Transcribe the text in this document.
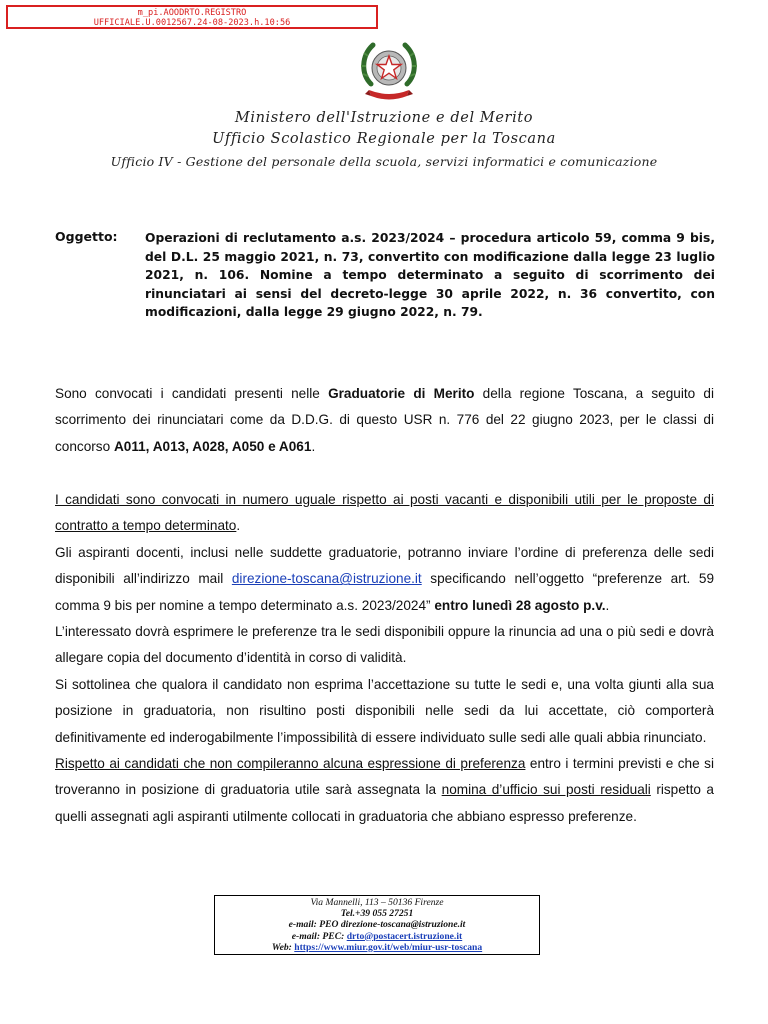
m_pi.AOODRTO.REGISTRO
UFFICIALE.U.0012567.24-08-2023.h.10:56
Ministero dell'Istruzione e del Merito
Ufficio Scolastico Regionale per la Toscana
Ufficio IV - Gestione del personale della scuola, servizi informatici e comunicazione
Oggetto: Operazioni di reclutamento a.s. 2023/2024 – procedura articolo 59, comma 9 bis, del D.L. 25 maggio 2021, n. 73, convertito con modificazione dalla legge 23 luglio 2021, n. 106. Nomine a tempo determinato a seguito di scorrimento dei rinunciatari ai sensi del decreto-legge 30 aprile 2022, n. 36 convertito, con modificazioni, dalla legge 29 giugno 2022, n. 79.

Sono convocati i candidati presenti nelle Graduatorie di Merito della regione Toscana, a seguito di scorrimento dei rinunciatari come da D.D.G. di questo USR n. 776 del 22 giugno 2023, per le classi di concorso A011, A013, A028, A050 e A061.

I candidati sono convocati in numero uguale rispetto ai posti vacanti e disponibili utili per le proposte di contratto a tempo determinato.

Gli aspiranti docenti, inclusi nelle suddette graduatorie, potranno inviare l’ordine di preferenza delle sedi disponibili all’indirizzo mail direzione-toscana@istruzione.it specificando nell’oggetto “preferenze art. 59 comma 9 bis per nomine a tempo determinato a.s. 2023/2024” entro lunedì 28 agosto p.v..

L’interessato dovrà esprimere le preferenze tra le sedi disponibili oppure la rinuncia ad una o più sedi e dovrà allegare copia del documento d’identità in corso di validità.

Si sottolinea che qualora il candidato non esprima l’accettazione su tutte le sedi e, una volta giunti alla sua posizione in graduatoria, non risultino posti disponibili nelle sedi da lui accettate, ciò comporterà definitivamente ed inderogabilmente l’impossibilità di essere individuato sulle sedi alle quali abbia rinunciato.

Rispetto ai candidati che non compileranno alcuna espressione di preferenza entro i termini previsti e che si troveranno in posizione di graduatoria utile sarà assegnata la nomina d’ufficio sui posti residuali rispetto a quelli assegnati agli aspiranti utilmente collocati in graduatoria che abbiano espresso preferenze.

Via Mannelli, 113 – 50136 Firenze
Tel.+39 055 27251
e-mail: PEO direzione-toscana@istruzione.it
e-mail: PEC: drto@postacert.istruzione.it
Web: https://www.miur.gov.it/web/miur-usr-toscana
